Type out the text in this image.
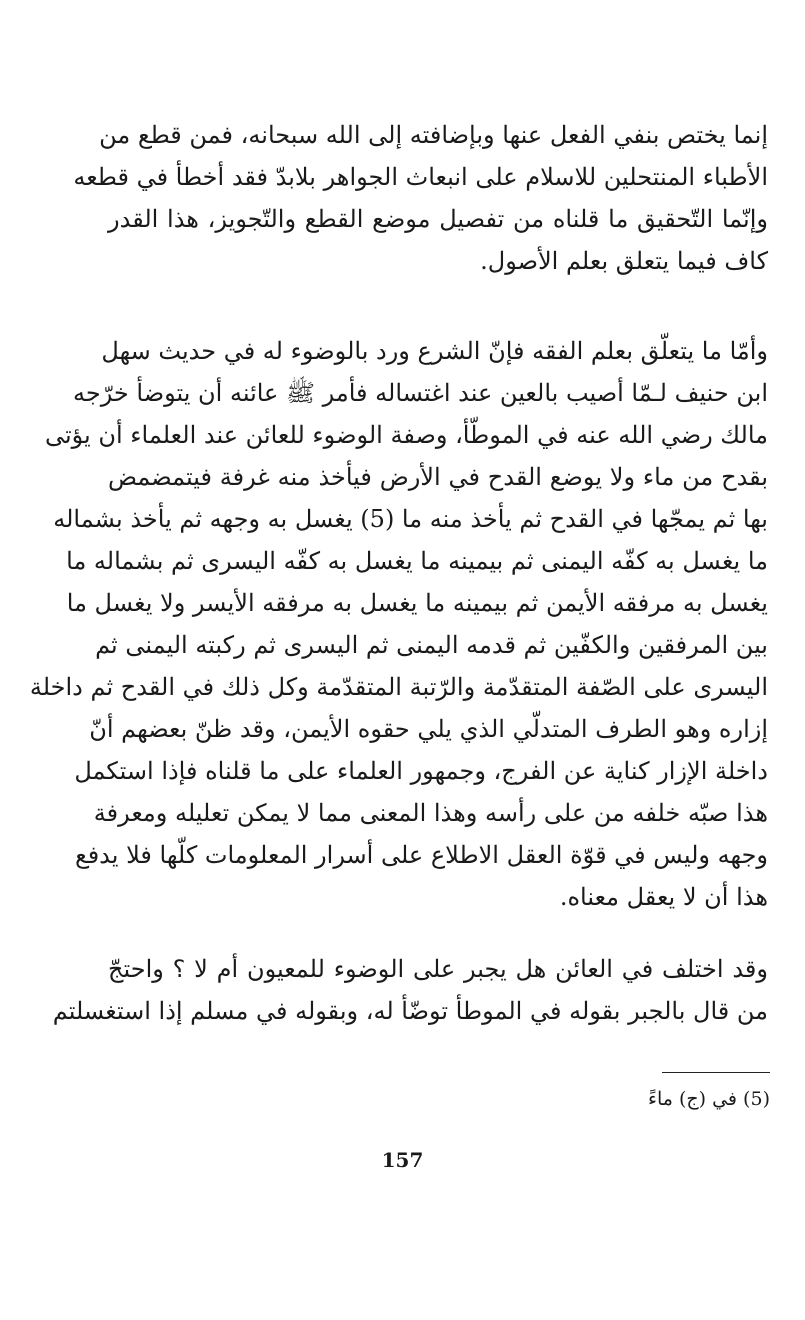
إنما يختص بنفي الفعل عنها وبإضافته إلى الله سبحانه، فمن قطع من
الأطباء المنتحلين للاسلام على انبعاث الجواهر بلابدّ فقد أخطأ في قطعه
وإنّما التّحقيق ما قلناه من تفصيل موضع القطع والتّجويز، هذا القدر
كاف فيما يتعلق بعلم الأصول.
وأمّا ما يتعلّق بعلم الفقه فإنّ الشرع ورد بالوضوء له في حديث سهل
ابن حنيف لـمّا أصيب بالعين عند اغتساله فأمر ﷺ عائنه أن يتوضأ خرّجه
مالك رضي الله عنه في الموطّأ، وصفة الوضوء للعائن عند العلماء أن يؤتى
بقدح من ماء ولا يوضع القدح في الأرض فيأخذ منه غرفة فيتمضمض
بها ثم يمجّها في القدح ثم يأخذ منه ما (5) يغسل به وجهه ثم يأخذ بشماله
ما يغسل به كفّه اليمنى ثم بيمينه ما يغسل به كفّه اليسرى ثم بشماله ما
يغسل به مرفقه الأيمن ثم بيمينه ما يغسل به مرفقه الأيسر ولا يغسل ما
بين المرفقين والكفّين ثم قدمه اليمنى ثم اليسرى ثم ركبته اليمنى ثم
اليسرى على الصّفة المتقدّمة والرّتبة المتقدّمة وكل ذلك في القدح ثم داخلة
إزاره وهو الطرف المتدلّي الذي يلي حقوه الأيمن، وقد ظنّ بعضهم أنّ
داخلة الإزار كناية عن الفرج، وجمهور العلماء على ما قلناه فإذا استكمل
هذا صبّه خلفه من على رأسه وهذا المعنى مما لا يمكن تعليله ومعرفة
وجهه وليس في قوّة العقل الاطلاع على أسرار المعلومات كلّها فلا يدفع
هذا أن لا يعقل معناه.
وقد اختلف في العائن هل يجبر على الوضوء للمعيون أم لا ؟ واحتجّ
من قال بالجبر بقوله في الموطأ توضّأ له، وبقوله في مسلم إذا استغسلتم
(5) في (ج) ماءً
157
